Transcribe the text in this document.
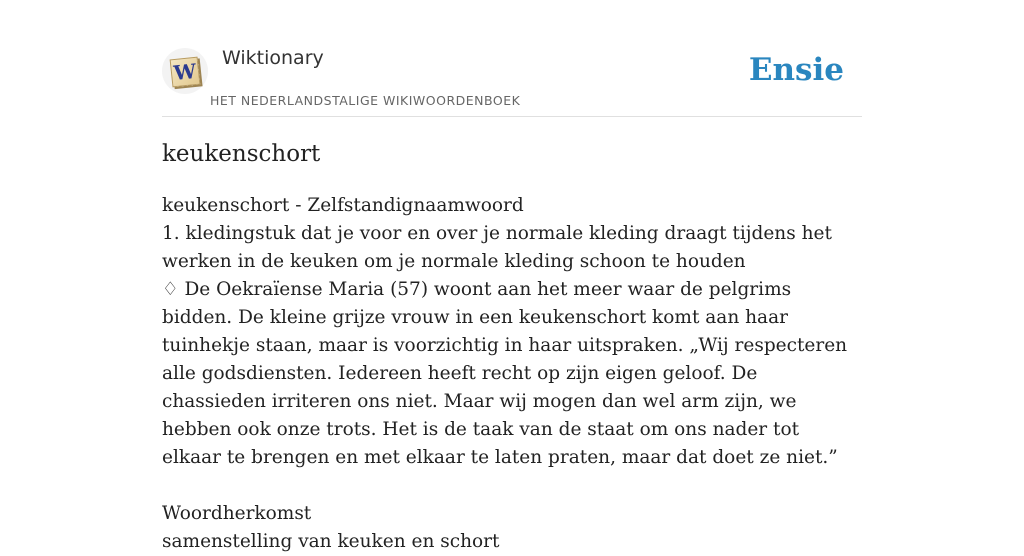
W
Wiktionary
HET NEDERLANDSTALIGE WIKIWOORDENBOEK
Ensie
keukenschort

keukenschort - Zelfstandignaamwoord

1. kledingstuk dat je voor en over je normale kleding draagt tijdens het werken in de keuken om je normale kleding schoon te houden

♢ De Oekraïense Maria (57) woont aan het meer waar de pelgrims bidden. De kleine grijze vrouw in een keukenschort komt aan haar tuinhekje staan, maar is voorzichtig in haar uitspraken. „Wij respecteren alle godsdiensten. Iedereen heeft recht op zijn eigen geloof. De chassieden irriteren ons niet. Maar wij mogen dan wel arm zijn, we hebben ook onze trots. Het is de taak van de staat om ons nader tot elkaar te brengen en met elkaar te laten praten, maar dat doet ze niet.”

Woordherkomst

samenstelling van keuken en schort
